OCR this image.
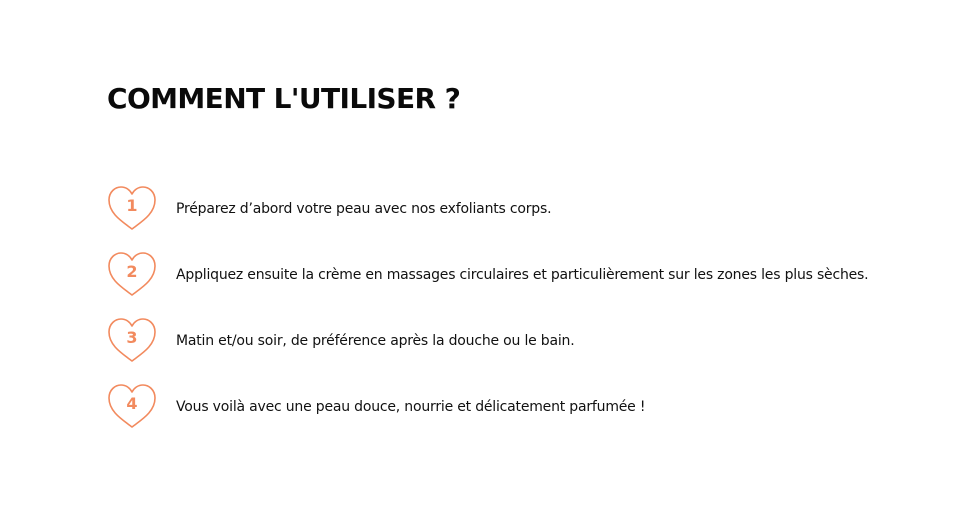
COMMENT L'UTILISER ?
1	Préparez d’abord votre peau avec nos exfoliants corps.
2	Appliquez ensuite la crème en massages circulaires et particulièrement sur les zones les plus sèches.
3	Matin et/ou soir, de préférence après la douche ou le bain.
4	Vous voilà avec une peau douce, nourrie et délicatement parfumée !
